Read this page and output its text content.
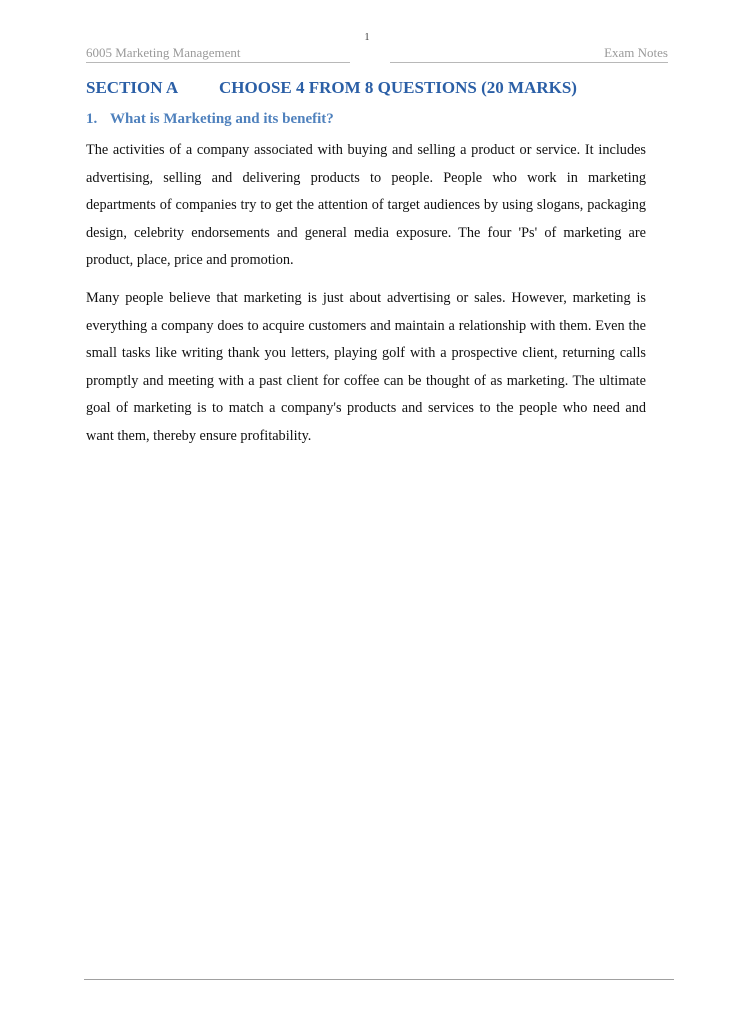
1
6005 Marketing Management	Exam Notes
SECTION A CHOOSE 4 FROM 8 QUESTIONS (20 MARKS)
1. What is Marketing and its benefit?

The activities of a company associated with buying and selling a product or service. It includes advertising, selling and delivering products to people. People who work in marketing departments of companies try to get the attention of target audiences by using slogans, packaging design, celebrity endorsements and general media exposure. The four 'Ps' of marketing are product, place, price and promotion.

Many people believe that marketing is just about advertising or sales. However, marketing is everything a company does to acquire customers and maintain a relationship with them. Even the small tasks like writing thank you letters, playing golf with a prospective client, returning calls promptly and meeting with a past client for coffee can be thought of as marketing. The ultimate goal of marketing is to match a company's products and services to the people who need and want them, thereby ensure profitability.
